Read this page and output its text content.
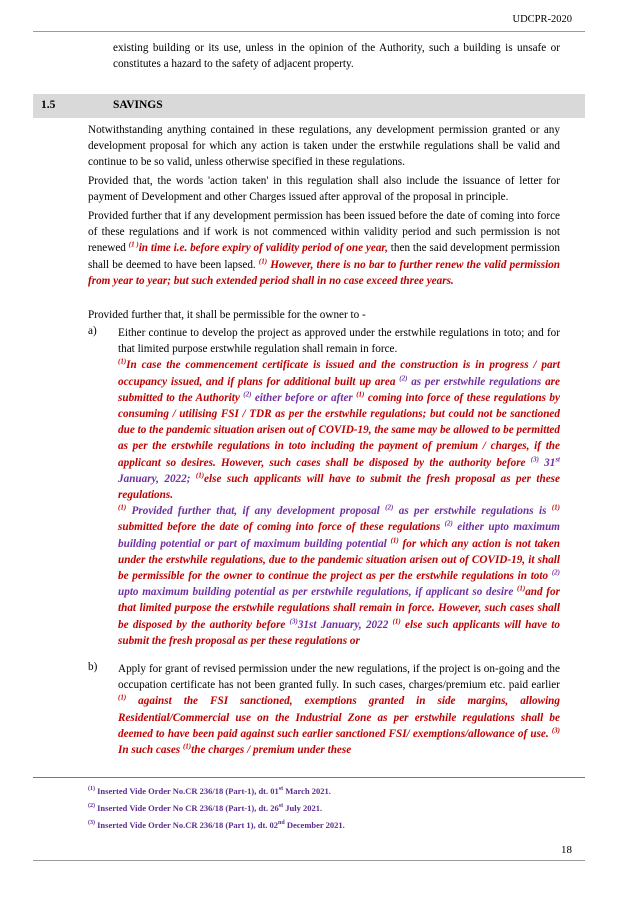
UDCPR-2020
existing building or its use, unless in the opinion of the Authority, such a building is unsafe or constitutes a hazard to the safety of adjacent property.
1.5	SAVINGS

Notwithstanding anything contained in these regulations, any development permission granted or any development proposal for which any action is taken under the erstwhile regulations shall be valid and continue to be so valid, unless otherwise specified in these regulations.

Provided that, the words 'action taken' in this regulation shall also include the issuance of letter for payment of Development and other Charges issued after approval of the proposal in principle.

Provided further that if any development permission has been issued before the date of coming into force of these regulations and if work is not commenced within validity period and such permission is not renewed $^{(1 )}$in time i.e. before expiry of validity period of one year, then the said development permission shall be deemed to have been lapsed. $^{(1)}$ However, there is no bar to further renew the valid permission from year to year; but such extended period shall in no case exceed three years.

Provided further that, it shall be permissible for the owner to -

a) Either continue to develop the project as approved under the erstwhile regulations in toto; and for that limited purpose erstwhile regulation shall remain in force.

$^{(1)}$In case the commencement certificate is issued and the construction is in progress / part occupancy issued, and if plans for additional built up area $^{(2)}$ as per erstwhile regulations are submitted to the Authority $^{(2)}$ either before or after $^{(1)}$ coming into force of these regulations by consuming / utilising FSI / TDR as per the erstwhile regulations; but could not be sanctioned due to the pandemic situation arisen out of COVID-19, the same may be allowed to be permitted as per the erstwhile regulations in toto including the payment of premium / charges, if the applicant so desires. However, such cases shall be disposed by the authority before $^{(3)}$ 31st January, 2022; $^{(1)}$else such applicants will have to submit the fresh proposal as per these regulations.

$^{(1)}$ Provided further that, if any development proposal $^{(2)}$ as per erstwhile regulations is $^{(1)}$ submitted before the date of coming into force of these regulations $^{(2)}$ either upto maximum building potential or part of maximum building potential $^{(1)}$ for which any action is not taken under the erstwhile regulations, due to the pandemic situation arisen out of COVID-19, it shall be permissible for the owner to continue the project as per the erstwhile regulations in toto $^{(2)}$ upto maximum building potential as per erstwhile regulations, if applicant so desire $^{(1)}$and for that limited purpose the erstwhile regulations shall remain in force. However, such cases shall be disposed by the authority before $^{(3)}$31st January, 2022 $^{(1)}$ else such applicants will have to submit the fresh proposal as per these regulations or

b) Apply for grant of revised permission under the new regulations, if the project is on-going and the occupation certificate has not been granted fully. In such cases, charges/premium etc. paid earlier $^{(1)}$ against the FSI sanctioned, exemptions granted in side margins, allowing Residential/Commercial use on the Industrial Zone as per erstwhile regulations shall be deemed to have been paid against such earlier sanctioned FSI/ exemptions/allowance of use. $^{(3)}$ In such cases $^{(1)}$the charges / premium under these
$^{(1)}$ Inserted Vide Order No.CR 236/18 (Part-1), dt. 01st March 2021.
$^{(2)}$ Inserted Vide Order No CR 236/18 (Part-1), dt. 26st July 2021.
$^{(3)}$ Inserted Vide Order No.CR 236/18 (Part 1), dt. 02nd December 2021.
18
